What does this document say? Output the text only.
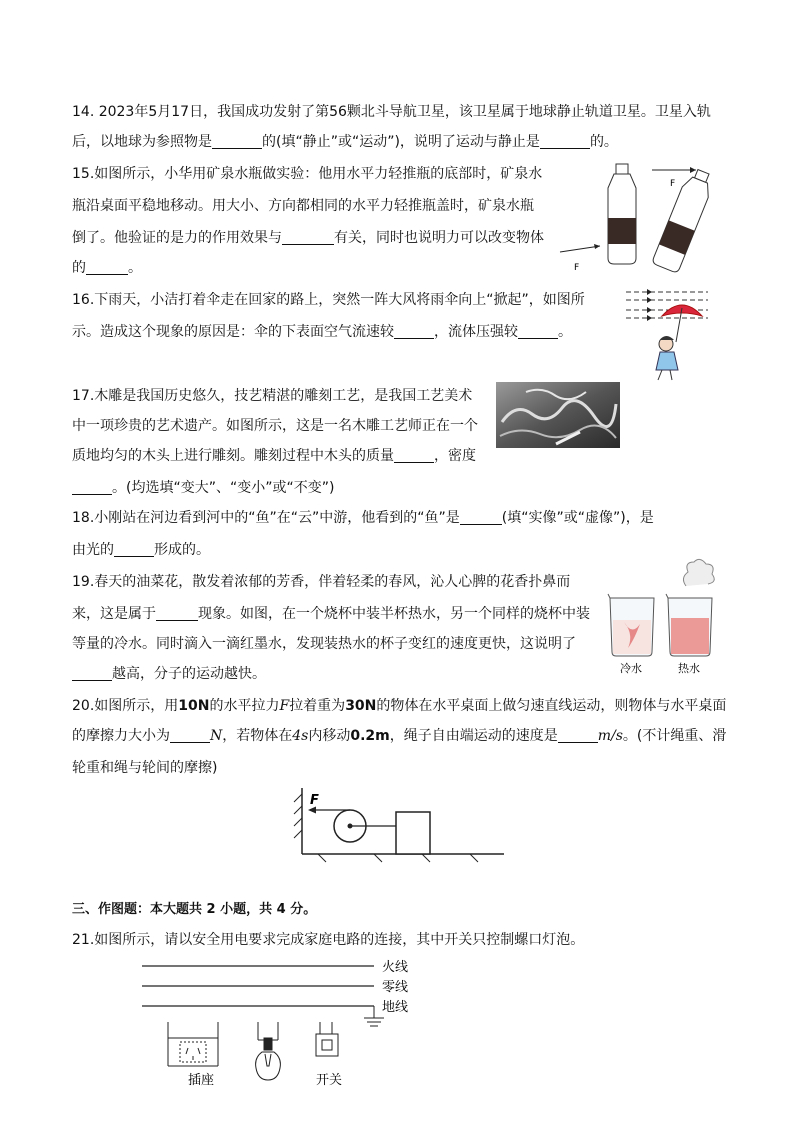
14. 2023年5月17日，我国成功发射了第56颗北斗导航卫星，该卫星属于地球静止轨道卫星。卫星入轨
后，以地球为参照物是	的(填“静止”或“运动”)，说明了运动与静止是	的。
15.如图所示，小华用矿泉水瓶做实验：他用水平力轻推瓶的底部时，矿泉水
瓶沿桌面平稳地移动。用大小、方向都相同的水平力轻推瓶盖时，矿泉水瓶
倒了。他验证的是力的作用效果与	有关，同时也说明力可以改变物体
的	。	F
F
16.下雨天，小洁打着伞走在回家的路上，突然一阵大风将雨伞向上“掀起”，如图所
示。造成这个现象的原因是：伞的下表面空气流速较	，流体压强较	。
17.木雕是我国历史悠久，技艺精湛的雕刻工艺，是我国工艺美术
中一项珍贵的艺术遗产。如图所示，这是一名木雕工艺师正在一个
质地均匀的木头上进行雕刻。雕刻过程中木头的质量	，密度
。(均选填“变大”、“变小”或“不变”)
18.小刚站在河边看到河中的“鱼”在“云”中游，他看到的“鱼”是	(填“实像”或“虚像”)，是
由光的	形成的。
19.春天的油菜花，散发着浓郁的芳香，伴着轻柔的春风，沁人心脾的花香扑鼻而
来，这是属于	现象。如图，在一个烧杯中装半杯热水，另一个同样的烧杯中装
等量的冷水。同时滴入一滴红墨水，发现装热水的杯子变红的速度更快，这说明了
越高，分子的运动越快。	冷水	热水
20.如图所示，用10N的水平拉力F拉着重为30N的物体在水平桌面上做匀速直线运动，则物体与水平桌面
的摩擦力大小为	N，若物体在4s内移动0.2m，绳子自由端运动的速度是	m/s。(不计绳重、滑
轮重和绳与轮间的摩擦)
F
三、作图题：本大题共 2 小题，共 4 分。
21.如图所示，请以安全用电要求完成家庭电路的连接，其中开关只控制螺口灯泡。
火线
零线
地线
插座	开关
